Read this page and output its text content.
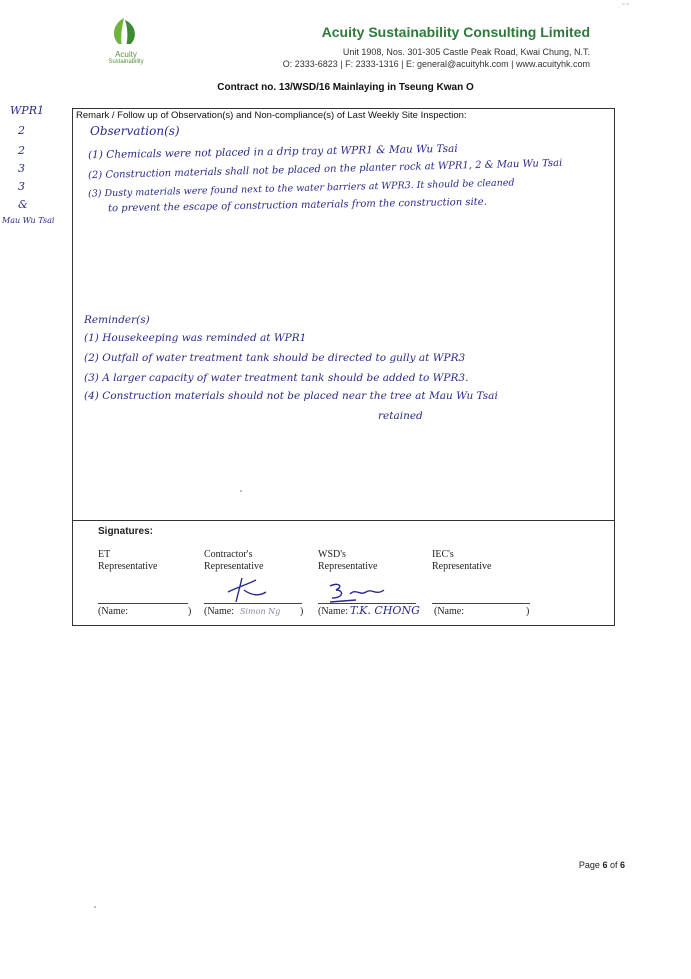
· ˜ ˜
Acuity
Sustainability
Acuity Sustainability Consulting Limited
Unit 1908, Nos. 301-305 Castle Peak Road, Kwai Chung, N.T.
O: 2333-6823 | F: 2333-1316 | E: general@acuityhk.com | www.acuityhk.com
Contract no. 13/WSD/16 Mainlaying in Tseung Kwan O
WPR1
2
2
3
3
&
Mau Wu Tsai
Remark / Follow up of Observation(s) and Non-compliance(s) of Last Weekly Site Inspection:
Observation(s)
(1) Chemicals were not placed in a drip tray at WPR1 & Mau Wu Tsai
(2) Construction materials shall not be placed on the planter rock at WPR1, 2 & Mau Wu Tsai
(3) Dusty materials were found next to the water barriers at WPR3. It should be cleaned
to prevent the escape of construction materials from the construction site.
Reminder(s)
(1) Housekeeping was reminded at WPR1
(2) Outfall of water treatment tank should be directed to gully at WPR3
(3) A larger capacity of water treatment tank should be added to WPR3.
(4) Construction materials should not be placed near the tree at Mau Wu Tsai
retained
Signatures:
ET
Representative
Contractor's
Representative
WSD's
Representative
IEC's
Representative
(Name:	) (Name: Simon Ng ) (Name: T.K. CHONG (Name:	)
Page 6 of 6
